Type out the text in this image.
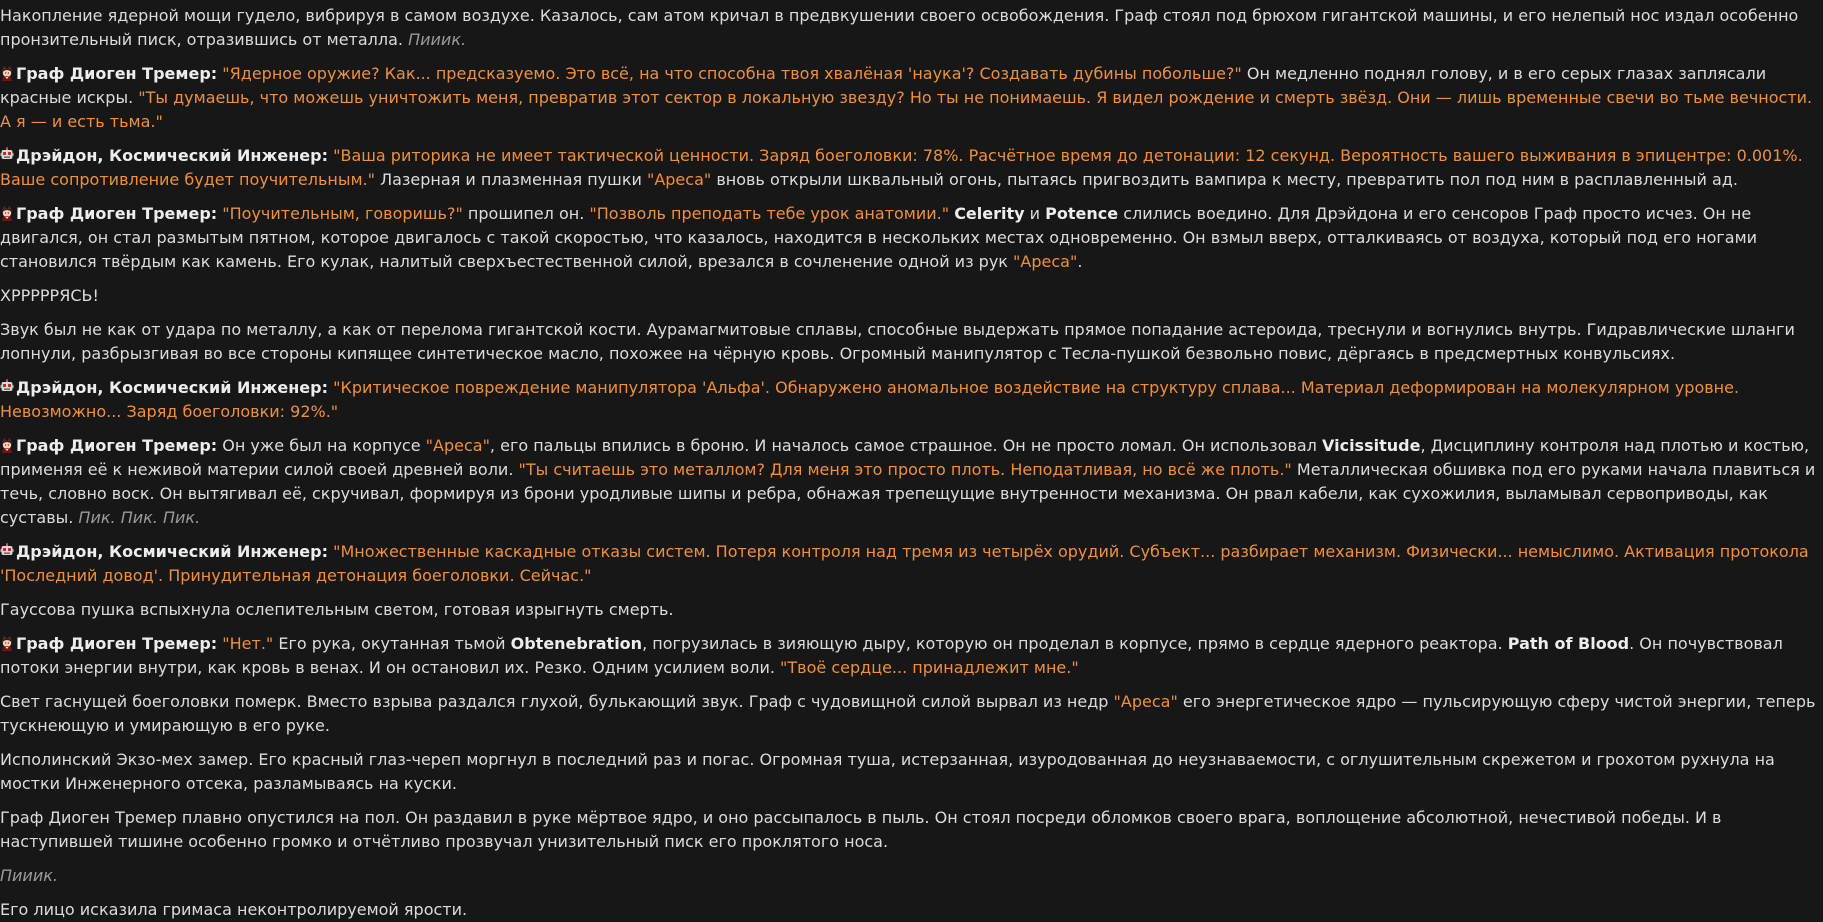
Накопление ядерной мощи гудело, вибрируя в самом воздухе. Казалось, сам атом кричал в предвкушении своего освобождения. Граф стоял под брюхом гигантской машины, и его нелепый нос издал особенно пронзительный писк, отразившись от металла. Пииик.

Граф Диоген Тремер: "Ядерное оружие? Как... предсказуемо. Это всё, на что способна твоя хвалёная 'наука'? Создавать дубины побольше?" Он медленно поднял голову, и в его серых глазах заплясали красные искры. "Ты думаешь, что можешь уничтожить меня, превратив этот сектор в локальную звезду? Но ты не понимаешь. Я видел рождение и смерть звёзд. Они — лишь временные свечи во тьме вечности. А я — и есть тьма."

Дрэйдон, Космический Инженер: "Ваша риторика не имеет тактической ценности. Заряд боеголовки: 78%. Расчётное время до детонации: 12 секунд. Вероятность вашего выживания в эпицентре: 0.001%. Ваше сопротивление будет поучительным." Лазерная и плазменная пушки "Ареса" вновь открыли шквальный огонь, пытаясь пригвоздить вампира к месту, превратить пол под ним в расплавленный ад.

Граф Диоген Тремер: "Поучительным, говоришь?" прошипел он. "Позволь преподать тебе урок анатомии." Celerity и Potence слились воедино. Для Дрэйдона и его сенсоров Граф просто исчез. Он не двигался, он стал размытым пятном, которое двигалось с такой скоростью, что казалось, находится в нескольких местах одновременно. Он взмыл вверх, отталкиваясь от воздуха, который под его ногами становился твёрдым как камень. Его кулак, налитый сверхъестественной силой, врезался в сочленение одной из рук "Ареса".

ХРРРРРЯСЬ!

Звук был не как от удара по металлу, а как от перелома гигантской кости. Аурамагмитовые сплавы, способные выдержать прямое попадание астероида, треснули и вогнулись внутрь. Гидравлические шланги лопнули, разбрызгивая во все стороны кипящее синтетическое масло, похожее на чёрную кровь. Огромный манипулятор с Тесла-пушкой безвольно повис, дёргаясь в предсмертных конвульсиях.

Дрэйдон, Космический Инженер: "Критическое повреждение манипулятора 'Альфа'. Обнаружено аномальное воздействие на структуру сплава... Материал деформирован на молекулярном уровне. Невозможно... Заряд боеголовки: 92%."

Граф Диоген Тремер: Он уже был на корпусе "Ареса", его пальцы впились в броню. И началось самое страшное. Он не просто ломал. Он использовал Vicissitude, Дисциплину контроля над плотью и костью, применяя её к неживой материи силой своей древней воли. "Ты считаешь это металлом? Для меня это просто плоть. Неподатливая, но всё же плоть." Металлическая обшивка под его руками начала плавиться и течь, словно воск. Он вытягивал её, скручивал, формируя из брони уродливые шипы и ребра, обнажая трепещущие внутренности механизма. Он рвал кабели, как сухожилия, выламывал сервоприводы, как суставы. Пик. Пик. Пик.

Дрэйдон, Космический Инженер: "Множественные каскадные отказы систем. Потеря контроля над тремя из четырёх орудий. Субъект... разбирает механизм. Физически... немыслимо. Активация протокола 'Последний довод'. Принудительная детонация боеголовки. Сейчас."

Гауссова пушка вспыхнула ослепительным светом, готовая изрыгнуть смерть.

Граф Диоген Тремер: "Нет." Его рука, окутанная тьмой Obtenebration, погрузилась в зияющую дыру, которую он проделал в корпусе, прямо в сердце ядерного реактора. Path of Blood. Он почувствовал потоки энергии внутри, как кровь в венах. И он остановил их. Резко. Одним усилием воли. "Твоё сердце... принадлежит мне."

Свет гаснущей боеголовки померк. Вместо взрыва раздался глухой, булькающий звук. Граф с чудовищной силой вырвал из недр "Ареса" его энергетическое ядро — пульсирующую сферу чистой энергии, теперь тускнеющую и умирающую в его руке.

Исполинский Экзо-мех замер. Его красный глаз-череп моргнул в последний раз и погас. Огромная туша, истерзанная, изуродованная до неузнаваемости, с оглушительным скрежетом и грохотом рухнула на мостки Инженерного отсека, разламываясь на куски.

Граф Диоген Тремер плавно опустился на пол. Он раздавил в руке мёртвое ядро, и оно рассыпалось в пыль. Он стоял посреди обломков своего врага, воплощение абсолютной, нечестивой победы. И в наступившей тишине особенно громко и отчётливо прозвучал унизительный писк его проклятого носа.

Пииик.

Его лицо исказила гримаса неконтролируемой ярости.
